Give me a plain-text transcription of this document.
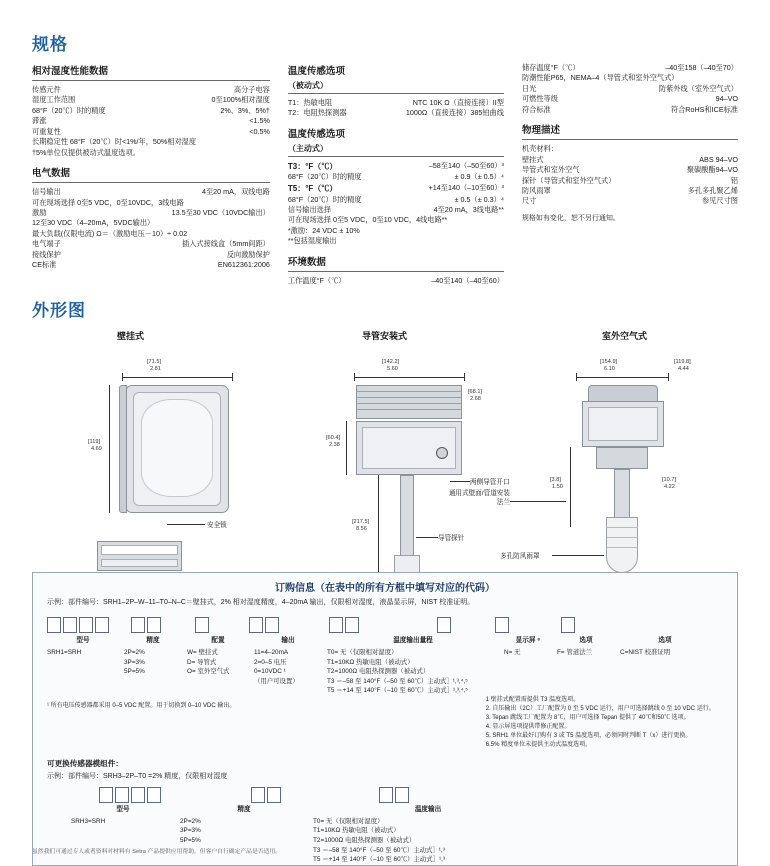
规格
相对湿度性能数据
传感元件	高分子电容
湿度工作范围	0至100%相对湿度
68°F（20℃）时的精度	2%、3%、5%†
滞涨	<1.5%
可重复性	<0.5%
长期稳定性 68°F（20℃）时<1%/年，50%相对湿度
†5%单位仅提供被动式温度选项。
电气数据
信号输出	4至20 mA，双线电路
可在现场选择 0至5 VDC，0至10VDC，3线电路
激励	13.5至30 VDC（10VDC输出）
12至30 VDC（4–20mA，5VDC输出）
最大负载(仅限电流) Ω＝（激励电压－10）÷ 0.02
电气端子	插入式接线盒（5mm间距）
接线保护	反向激励保护
CE标准	EN612361:2006
温度传感选项
（被动式）
T1：热敏电阻	NTC 10K Ω（直接连接）II型
T2：电阻热探测器	1000Ω（直接连接）385铂曲线
温度传感选项
（主动式）
T3：°F（℃）	–58至140（–50至60）³
68°F（20℃）时的精度	± 0.9（± 0.5）⁴
T5：°F（℃）	+14至140（–10至60）³
68°F（20℃）时的精度	± 0.5（± 0.3）⁴
信号输出选择	4至20 mA，3线电路**
可在现场选择 0至5 VDC，0至10 VDC，4线电路**
*激励：24 VDC ± 10%
**包括湿度输出
环境数据
工作温度°F（℃）	–40至140（–40至60）
储存温度°F（℃）	–40至158（–40至70）
防潮性能P65，NEMA–4（导管式和室外空气式）
日光	防紫外线（室外空气式）
可燃性等级	94–VO
符合标准	符合RoHS和ICE标准
物理描述
机壳材料：
壁挂式	ABS 94–VO
导管式和室外空气	聚碳酸酯94–VO
探针（导管式和室外空气式）	铝
防风雨罩	多孔多孔聚乙烯
尺寸	参见尺寸图
规格如有变化，恕不另行通知。
外形图
壁挂式	导管安装式	室外空气式
[71.5]
2.81
[119]
4.69
安全锁
[142.2]
5.60
[68.1]
2.68
[60.4]
2.38
两侧导管开口
[217.5]
8.56
导管探针
[154.9]
6.10
[119.8]
4.44
[3.8]
1.50
[10.7]
4.22
通用式壁面/管道安装法兰
多孔防风雨罩
订购信息（在表中的所有方框中填写对应的代码）
示例：部件编号：SRH1–2P–W–11–T0–N–C＝壁挂式，2% 相对湿度精度，4–20mA 输出，仅限相对湿度，液晶显示屏，NIST 校准证明。
型号
SRH1=SRH
精度
2P=2%
3P=3%
5P=5%
配置
W= 壁挂式
D= 导管式
O= 室外空气式
输出
11=4–20mA
2=0–5 电压
0=10VDC ¹
（用户可设置）
温度输出量程
T0= 无（仅限相对湿度）
T1=10KΩ 热敏电阻（被动式）
T2=1000Ω 电阻热探测器（被动式）
T3 ＝–58 至 140°F（–50 至 60℃）主动式］¹,³,⁴,⁵
T5 ＝+14 至 140°F（–10 至 60℃）主动式］¹,³,⁴,⁵
显示屏 ⁶
N= 无
选项
F= 管道法兰
选项
C=NIST 校准证明
¹ 所有电压传感器都采用 0–5 VDC 配置。用于切换到 0–10 VDC 输出。
1 壁挂式配置需提供 T3 温度选项。
2. 自压输出（2C）工厂配置为 0 至 5 VDC 运行，用户可选择跳线 0 至 10 VDC 运行。
3. Tepan 跳线工厂配置为 8℃，用户可选择 Tepan 提供了 40℃和50℃ 选项。
4. 显示屏选项提供带修正配置。
5. SRH1 单位最好订购有 3 或 T5 温度选项，必须同时判断 T（x）进行更换。
6.5% 精度单位未提供主动式温度选项。
可更换传感器模组件：
示例：部件编号：SRH3–2P–T0 =2% 精度，仅限相对湿度
型号
SRH3=SRH
精度
2P=2%
3P=3%
5P=5%
温度输出
T0= 无（仅限相对湿度）
T1=10KΩ 热敏电阻（被动式）
T2=1000Ω 电阻热探测器（被动式）
T3 ＝–58 至 140°F（–50 至 60℃）主动式］¹,³
T5 ＝+14 至 140°F（–10 至 60℃）主动式］¹,³
虽然我们可通过专人或者资料对材料有 Setra 产品提供应用帮助，但客户自行确定产品是否适用。
